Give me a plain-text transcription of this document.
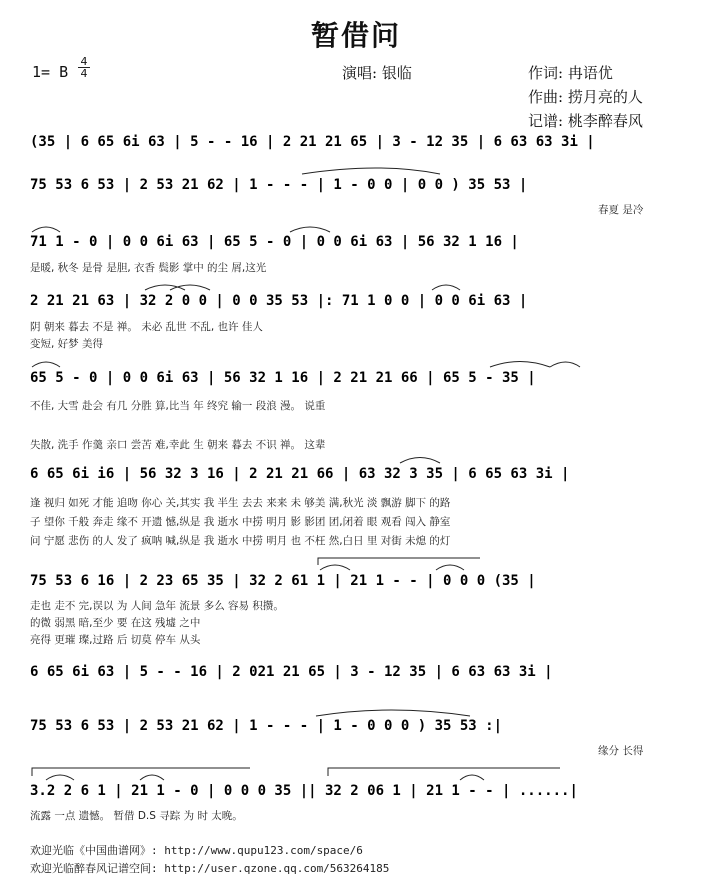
暂借问
1= B
4
4	演唱: 银临	作词: 冉语优
作曲: 捞月亮的人
记谱: 桃李醉春风
(35 | 6 65 6i 63 | 5 - - 16 | 2 21 21 65 | 3 - 12 35 | 6 63 63 3i |
75 53 6 53 | 2 53 21 62 | 1 - - - | 1 - 0 0 | 0 0 ) 35 53 |
春夏 是冷
71 1 - 0 | 0 0 6i 63 | 65 5 - 0 | 0 0 6i 63 | 56 32 1 16 |
是暖, 秋冬 是骨 是胆, 衣香 鬓影 掌中 的尘 屑,这光
2 21 21 63 | 32 2 0 0 | 0 0 35 53 |: 71 1 0 0 | 0 0 6i 63 |
阴 朝来 暮去 不是 禅。 未必 乱世 不乱, 也许 佳人
变短, 好梦 美得
65 5 - 0 | 0 0 6i 63 | 56 32 1 16 | 2 21 21 66 | 65 5 - 35 |
不佳, 大雪 赴会 有几 分胜 算,比当 年 终究 输一 段浪 漫。 说重
失散, 洗手 作羹 亲口 尝苦 难,幸此 生 朝来 暮去 不识 禅。 这辈
6 65 6i i6 | 56 32 3 16 | 2 21 21 66 | 63 32 3 35 | 6 65 63 3i |
逢 视归 如死 才能 追吻 你心 关,其实 我 半生 去去 来来 未 够美 满,秋光 淡 飘游 脚下 的路
子 望你 千般 奔走 缘不 开遗 憾,纵是 我 逝水 中捞 明月 影 影团 团,闭着 眼 观看 闯入 静室
问 宁愿 悲伤 的人 发了 疯呐 喊,纵是 我 逝水 中捞 明月 也 不枉 然,白日 里 对街 未熄 的灯
75 53 6 16 | 2 23 65 35 | 32 2 61 1 | 21 1 - - | 0 0 0 (35 |
走也 走不 完,误以 为 人间 急年 流景 多么 容易 积攒。
的微 弱黑 暗,至少 要 在这 残墟 之中
亮得 更璀 璨,过路 后 切莫 停车 从头
6 65 6i 63 | 5 - - 16 | 2 021 21 65 | 3 - 12 35 | 6 63 63 3i |
75 53 6 53 | 2 53 21 62 | 1 - - - | 1 - 0 0 0 ) 35 53 :|
缘分 长得
3.2 2 6 1 | 21 1 - 0 | 0 0 0 35 || 32 2 06 1 | 21 1 - - | ......|
流露 一点 遗憾。 暂借 D.S 寻踪 为 时 太晚。
欢迎光临《中国曲谱网》: http://www.qupu123.com/space/6
欢迎光临醉春风记谱空间: http://user.qzone.qq.com/563264185
